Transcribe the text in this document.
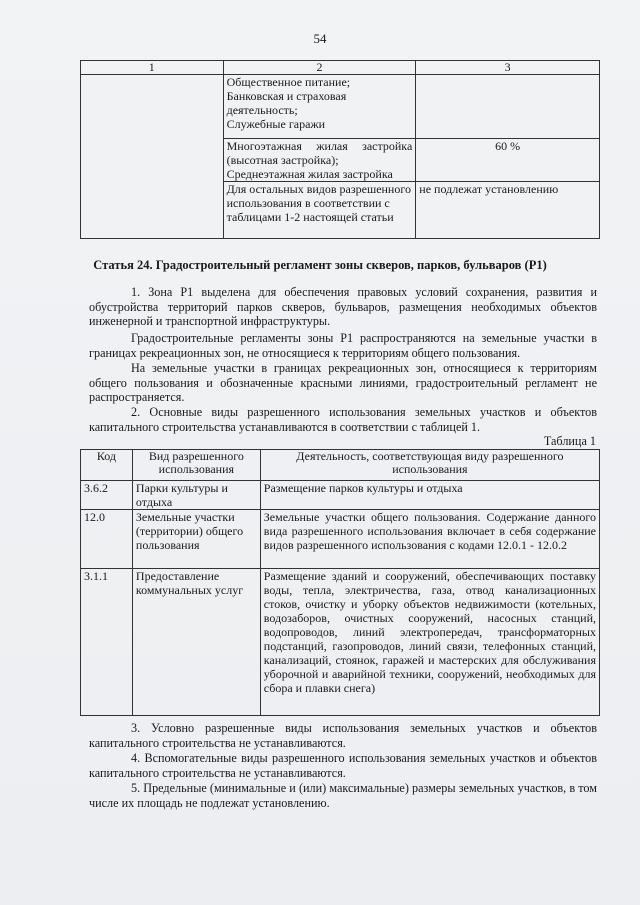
54
1	2	3

	Общественное питание;
Банковская и страховая деятельность;
Служебные гаражи	

	Многоэтажная жилая застройка (высотная застройка);
Среднеэтажная жилая застройка	60 %
	Для остальных видов разрешенного использования в соответствии с таблицами 1-2 настоящей статьи	не подлежат установлению
Статья 24. Градостроительный регламент зоны скверов, парков, бульваров (Р1)
1. Зона Р1 выделена для обеспечения правовых условий сохранения, развития и обустройства территорий парков скверов, бульваров, размещения необходимых объектов инженерной и транспортной инфраструктуры.
Градостроительные регламенты зоны Р1 распространяются на земельные участки в границах рекреационных зон, не относящиеся к территориям общего пользования.
На земельные участки в границах рекреационных зон, относящиеся к территориям общего пользования и обозначенные красными линиями, градостроительный регламент не распространяется.
2. Основные виды разрешенного использования земельных участков и объектов капитального строительства устанавливаются в соответствии с таблицей 1.
Таблица 1
Код	Вид разрешенного использования	Деятельность, соответствующая виду разрешенного использования
3.6.2	Парки культуры и отдыха	Размещение парков культуры и отдыха
12.0	Земельные участки (территории) общего пользования	Земельные участки общего пользования. Содержание данного вида разрешенного использования включает в себя содержание видов разрешенного использования с кодами 12.0.1 - 12.0.2
3.1.1	Предоставление коммунальных услуг	Размещение зданий и сооружений, обеспечивающих поставку воды, тепла, электричества, газа, отвод канализационных стоков, очистку и уборку объектов недвижимости (котельных, водозаборов, очистных сооружений, насосных станций, водопроводов, линий электропередач, трансформаторных подстанций, газопроводов, линий связи, телефонных станций, канализаций, стоянок, гаражей и мастерских для обслуживания уборочной и аварийной техники, сооружений, необходимых для сбора и плавки снега)
3. Условно разрешенные виды использования земельных участков и объектов капитального строительства не устанавливаются.
4. Вспомогательные виды разрешенного использования земельных участков и объектов капитального строительства не устанавливаются.
5. Предельные (минимальные и (или) максимальные) размеры земельных участков, в том числе их площадь не подлежат установлению.
